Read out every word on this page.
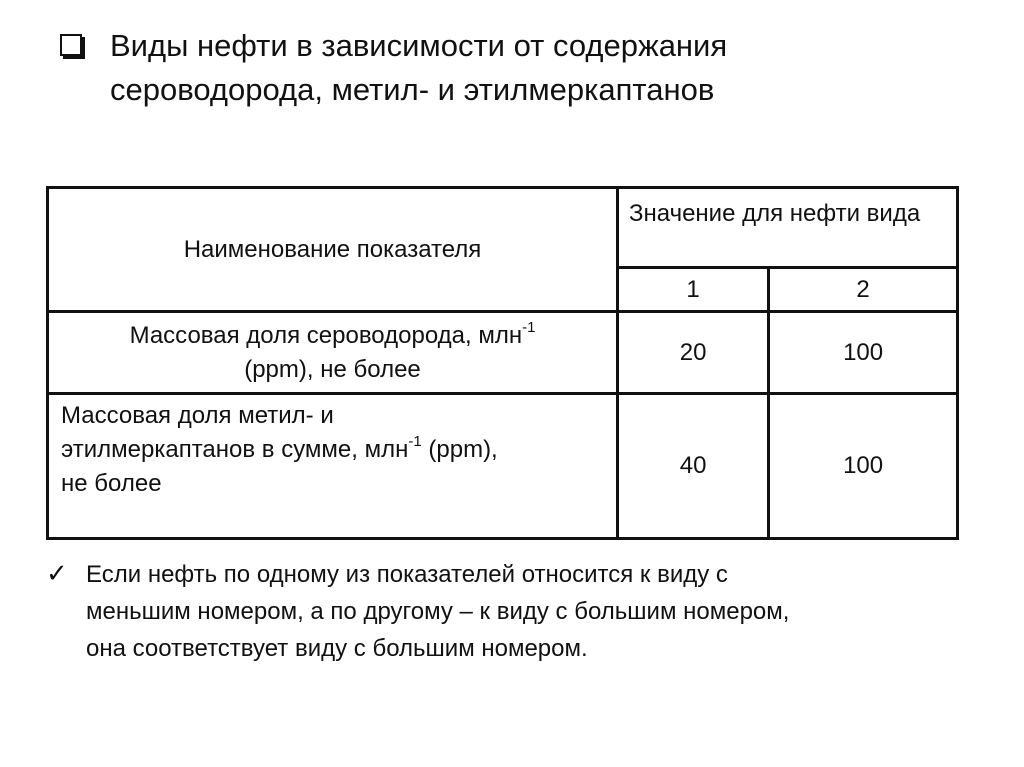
Виды нефти в зависимости от содержания
сероводорода, метил- и этилмеркаптанов
Наименование показателя	Значение для нефти вида	
	1	2
Массовая доля сероводорода, млн$^{-1}$
(ppm), не более	20	100
Массовая доля метил- и
этилмеркаптанов в сумме, млн$^{-1}$ (ppm),
не более	40	100
✓ Если нефть по одному из показателей относится к виду с
меньшим номером, а по другому – к виду с большим номером,
она соответствует виду с большим номером.
